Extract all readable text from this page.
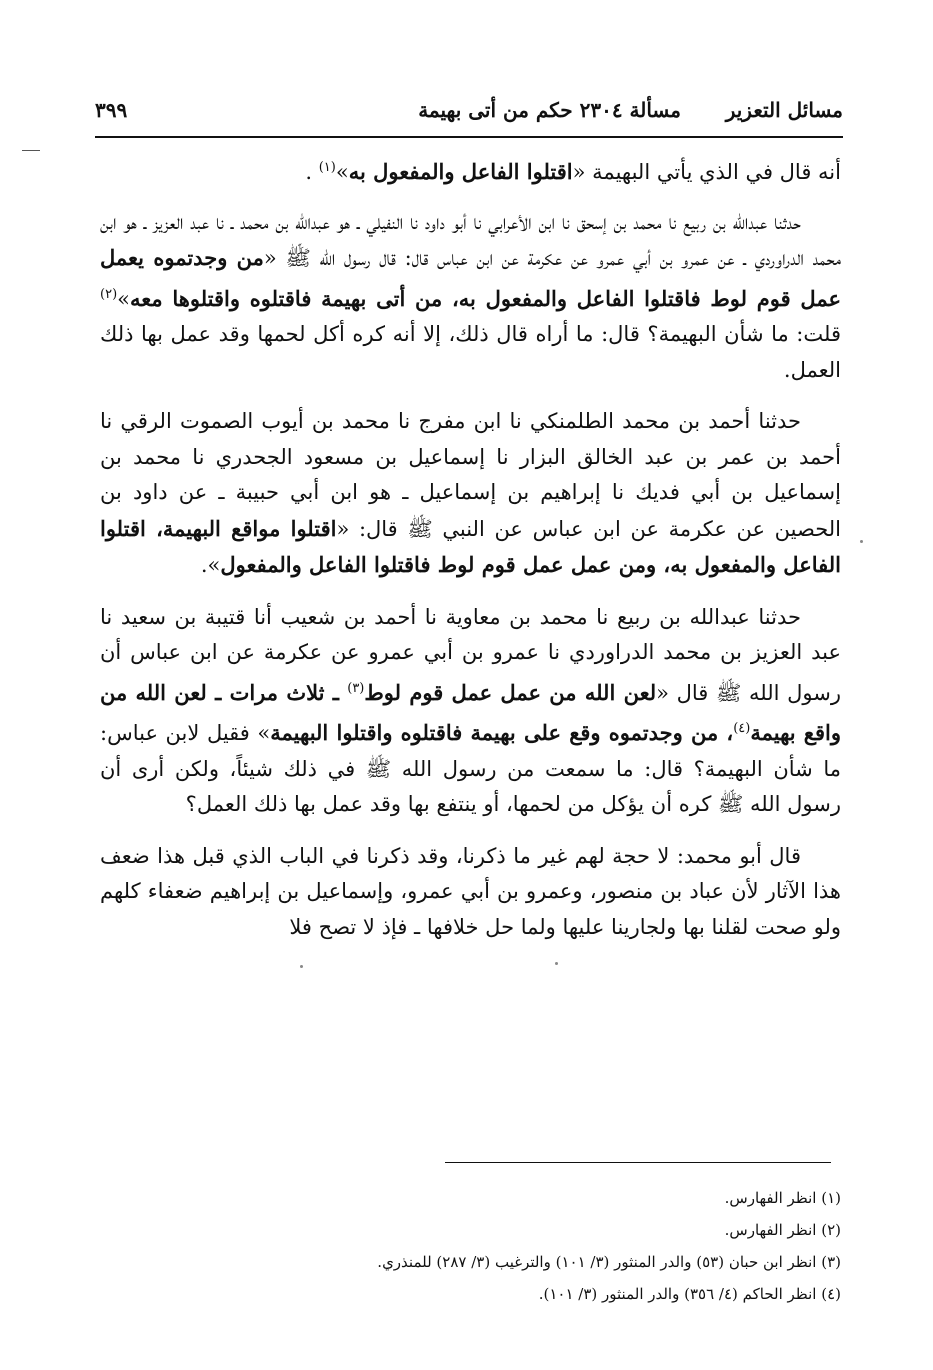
مسائل التعزير
مسألة ٢٣٠٤ حكم من أتى بهيمة
٣٩٩

أنه قال في الذي يأتي البهيمة «اقتلوا الفاعل والمفعول به»$^{(١)}$ .

حدثنا عبدالله بن ربيع نا محمد بن إسحق نا ابن الأعرابي نا أبو داود نا النفيلي ـ هو عبدالله بن محمد ـ نا عبد العزيز ـ هو ابن محمد الدراوردي ـ عن عمرو بن أبي عمرو عن عكرمة عن ابن عباس قال: قال رسول الله ﷺ «من وجدتموه يعمل عمل قوم لوط فاقتلوا الفاعل والمفعول به، من أتى بهيمة فاقتلوه واقتلوها معه»$^{(٢)}$ قلت: ما شأن البهيمة؟ قال: ما أراه قال ذلك، إلا أنه كره أكل لحمها وقد عمل بها ذلك العمل.

حدثنا أحمد بن محمد الطلمنكي نا ابن مفرج نا محمد بن أيوب الصموت الرقي نا أحمد بن عمر بن عبد الخالق البزار نا إسماعيل بن مسعود الجحدري نا محمد بن إسماعيل بن أبي فديك نا إبراهيم بن إسماعيل ـ هو ابن أبي حبيبة ـ عن داود بن الحصين عن عكرمة عن ابن عباس عن النبي ﷺ قال: «اقتلوا مواقع البهيمة، اقتلوا الفاعل والمفعول به، ومن عمل عمل قوم لوط فاقتلوا الفاعل والمفعول».

حدثنا عبدالله بن ربيع نا محمد بن معاوية نا أحمد بن شعيب أنا قتيبة بن سعيد نا عبد العزيز بن محمد الدراوردي نا عمرو بن أبي عمرو عن عكرمة عن ابن عباس أن رسول الله ﷺ قال «لعن الله من عمل عمل قوم لوط$^{(٣)}$ ـ ثلاث مرات ـ لعن الله من واقع بهيمة$^{(٤)}$، من وجدتموه وقع على بهيمة فاقتلوه واقتلوا البهيمة» فقيل لابن عباس: ما شأن البهيمة؟ قال: ما سمعت من رسول الله ﷺ في ذلك شيئاً، ولكن أرى أن رسول الله ﷺ كره أن يؤكل من لحمها، أو ينتفع بها وقد عمل بها ذلك العمل؟

قال أبو محمد: لا حجة لهم غير ما ذكرنا، وقد ذكرنا في الباب الذي قبل هذا ضعف هذا الآثار لأن عباد بن منصور، وعمرو بن أبي عمرو، وإسماعيل بن إبراهيم ضعفاء كلهم ولو صحت لقلنا بها ولجارينا عليها ولما حل خلافها ـ فإذ لا تصح فلا

(١) انظر الفهارس.
(٢) انظر الفهارس.
(٣) انظر ابن حبان (٥٣) والدر المنثور (٣/ ١٠١) والترغيب (٣/ ٢٨٧) للمنذري.
(٤) انظر الحاكم (٤/ ٣٥٦) والدر المنثور (٣/ ١٠١).
